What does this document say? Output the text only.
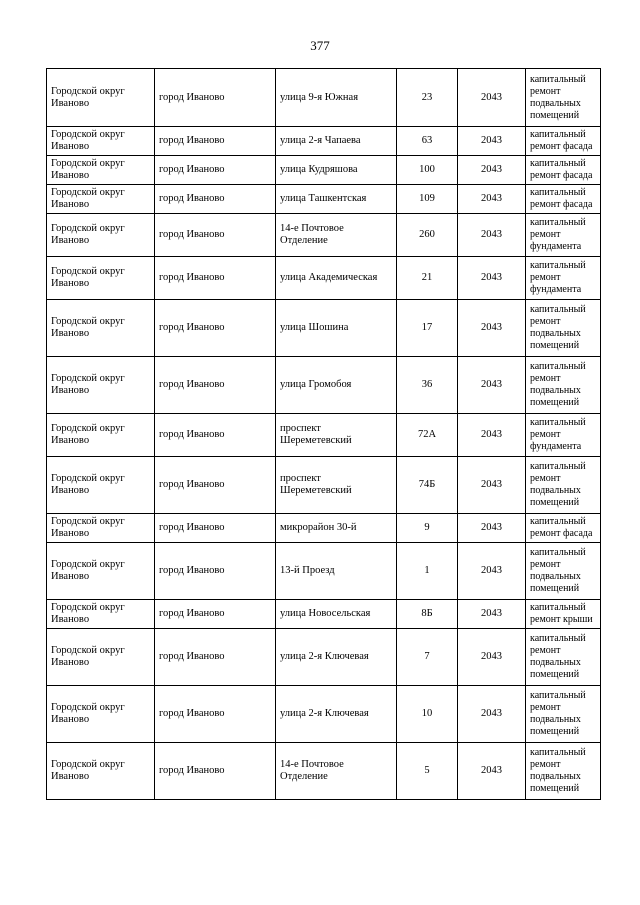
377
Городской округ Иваново	город Иваново	улица 9-я Южная	23	2043	капитальный ремонт подвальных помещений
Городской округ Иваново	город Иваново	улица 2-я Чапаева	63	2043	капитальный ремонт фасада
Городской округ Иваново	город Иваново	улица Кудряшова	100	2043	капитальный ремонт фасада
Городской округ Иваново	город Иваново	улица Ташкентская	109	2043	капитальный ремонт фасада
Городской округ Иваново	город Иваново	14-е Почтовое Отделение	260	2043	капитальный ремонт фундамента
Городской округ Иваново	город Иваново	улица Академическая	21	2043	капитальный ремонт фундамента
Городской округ Иваново	город Иваново	улица Шошина	17	2043	капитальный ремонт подвальных помещений
Городской округ Иваново	город Иваново	улица Громобоя	36	2043	капитальный ремонт подвальных помещений
Городской округ Иваново	город Иваново	проспект Шереметевский	72А	2043	капитальный ремонт фундамента
Городской округ Иваново	город Иваново	проспект Шереметевский	74Б	2043	капитальный ремонт подвальных помещений
Городской округ Иваново	город Иваново	микрорайон 30-й	9	2043	капитальный ремонт фасада
Городской округ Иваново	город Иваново	13-й Проезд	1	2043	капитальный ремонт подвальных помещений
Городской округ Иваново	город Иваново	улица Новосельская	8Б	2043	капитальный ремонт крыши
Городской округ Иваново	город Иваново	улица 2-я Ключевая	7	2043	капитальный ремонт подвальных помещений
Городской округ Иваново	город Иваново	улица 2-я Ключевая	10	2043	капитальный ремонт подвальных помещений
Городской округ Иваново	город Иваново	14-е Почтовое Отделение	5	2043	капитальный ремонт подвальных помещений
